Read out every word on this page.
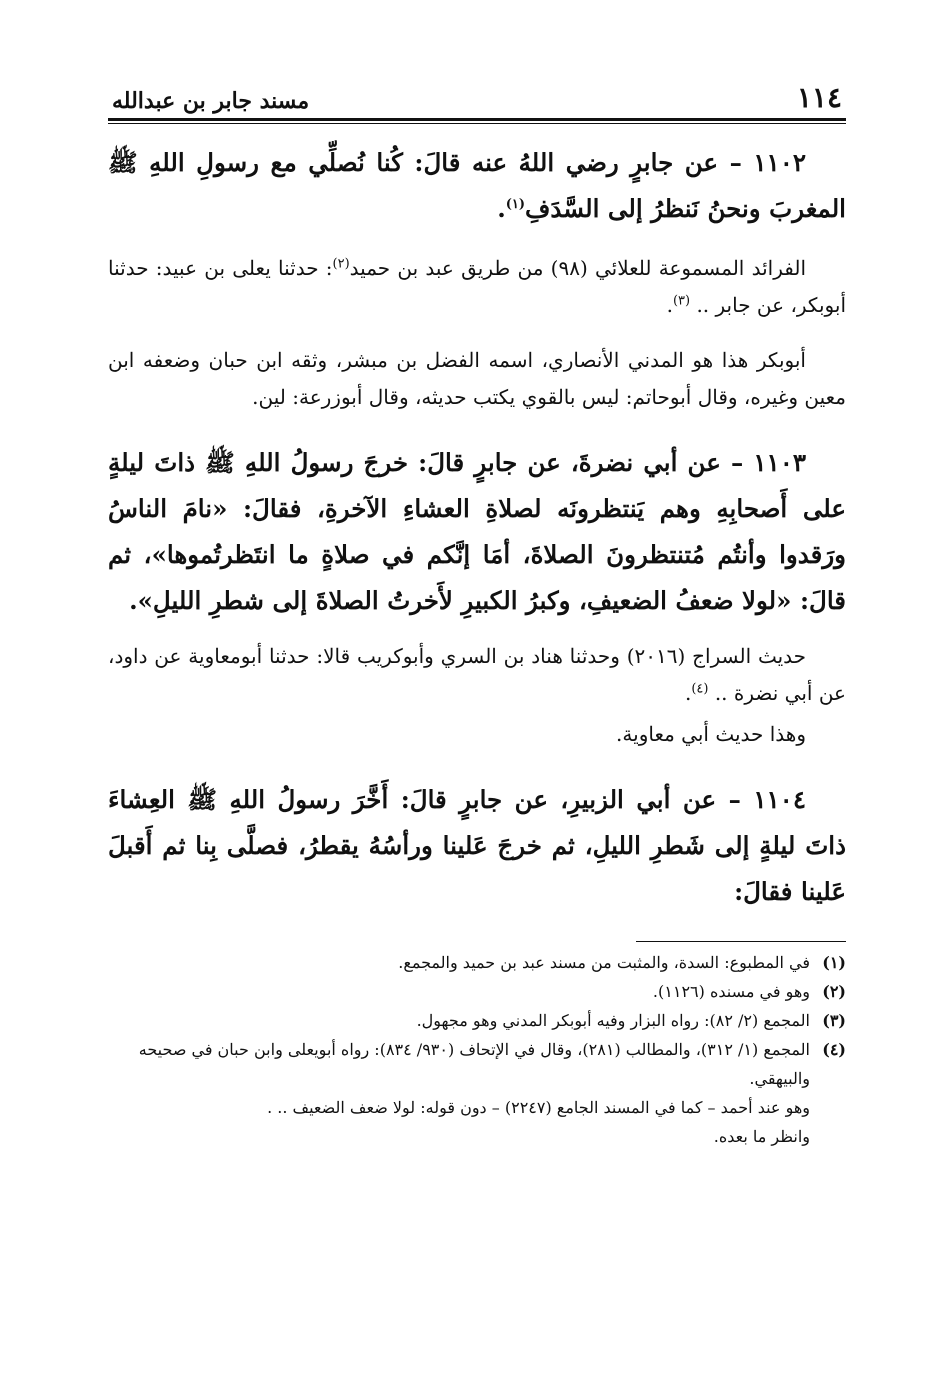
١١٤
مسند جابر بن عبدالله

١١٠٢ – عن جابرٍ رضي اللهُ عنه قالَ: كُنا نُصلِّي مع رسولِ اللهِ ﷺ المغربَ ونحنُ نَنظرُ إلى السَّدَفِ$^{(١)}$.

الفرائد المسموعة للعلائي (٩٨) من طريق عبد بن حميد$^{(٢)}$: حدثنا يعلى بن عبيد: حدثنا أبوبكر، عن جابر .. $^{(٣)}$.

أبوبكر هذا هو المدني الأنصاري، اسمه الفضل بن مبشر، وثقه ابن حبان وضعفه ابن معين وغيره، وقال أبوحاتم: ليس بالقوي يكتب حديثه، وقال أبوزرعة: لين.

١١٠٣ – عن أبي نضرةَ، عن جابرٍ قالَ: خرجَ رسولُ اللهِ ﷺ ذاتَ ليلةٍ على أَصحابِهِ وهم يَنتظرونَه لصلاةِ العشاءِ الآخرةِ، فقالَ: «نامَ الناسُ ورَقدوا وأنتُم مُتنتظرونَ الصلاةَ، أمَا إنَّكم في صلاةٍ ما انتَظرتُموها»، ثم قالَ: «لولا ضعفُ الضعيفِ، وكبرُ الكبيرِ لأَخرتُ الصلاةَ إلى شطرِ الليلِ».

حديث السراج (٢٠١٦) وحدثنا هناد بن السري وأبوكريب قالا: حدثنا أبومعاوية عن داود، عن أبي نضرة .. $^{(٤)}$.

وهذا حديث أبي معاوية.

١١٠٤ – عن أبي الزبيرِ، عن جابرٍ قالَ: أَخَّرَ رسولُ اللهِ ﷺ العِشاءَ ذاتَ ليلةٍ إلى شَطرِ الليلِ، ثم خرجَ عَلينا ورأسُهُ يقطرُ، فصلَّى بِنا ثم أَقبلَ عَلينا فقالَ:

(١)
في المطبوع: السدة، والمثبت من مسند عبد بن حميد والمجمع.
(٢)
وهو في مسنده (١١٢٦).
(٣)
المجمع (٢/ ٨٢): رواه البزار وفيه أبوبكر المدني وهو مجهول.
(٤)
المجمع (١/ ٣١٢)، والمطالب (٢٨١)، وقال في الإتحاف (٩٣٠/ ٨٣٤): رواه أبويعلى وابن حبان في صحيحه والبيهقي.
وهو عند أحمد – كما في المسند الجامع (٢٢٤٧) – دون قوله: لولا ضعف الضعيف .. .
وانظر ما بعده.
